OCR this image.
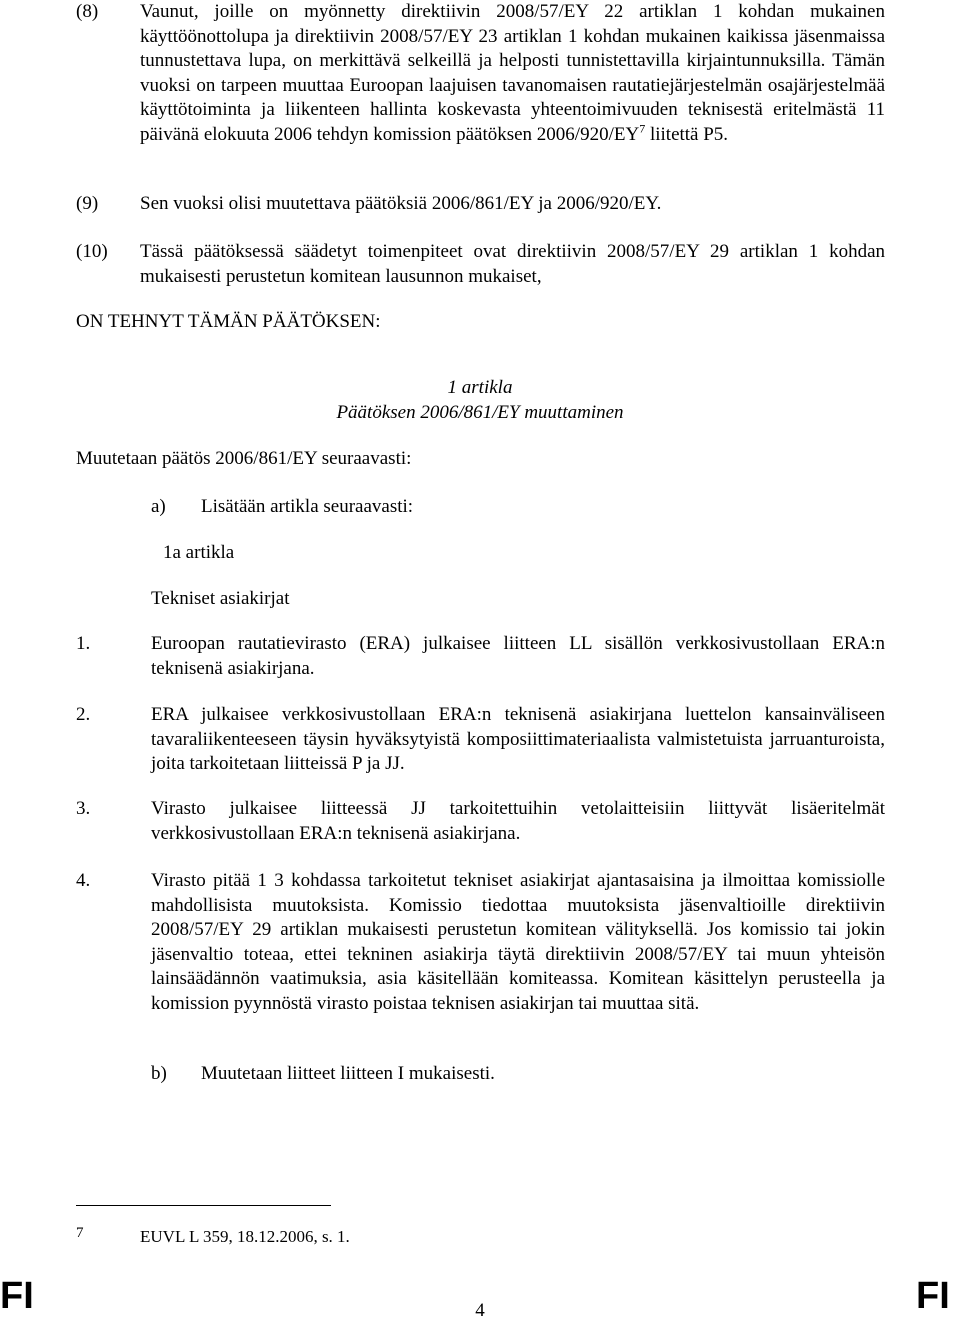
(8) Vaunut, joille on myönnetty direktiivin 2008/57/EY 22 artiklan 1 kohdan mukainen käyttöönottolupa ja direktiivin 2008/57/EY 23 artiklan 1 kohdan mukainen kaikissa jäsenmaissa tunnustettava lupa, on merkittävä selkeillä ja helposti tunnistettavilla kirjaintunnuksilla. Tämän vuoksi on tarpeen muuttaa Euroopan laajuisen tavanomaisen rautatiejärjestelmän osajärjestelmää käyttötoiminta ja liikenteen hallinta koskevasta yhteentoimivuuden teknisestä eritelmästä 11 päivänä elokuuta 2006 tehdyn komission päätöksen $2006/920/EY^7$ liitettä P5.
(9) Sen vuoksi olisi muutettava päätöksiä 2006/861/EY ja 2006/920/EY.
(10) Tässä päätöksessä säädetyt toimenpiteet ovat direktiivin 2008/57/EY 29 artiklan 1 kohdan mukaisesti perustetun komitean lausunnon mukaiset,
ON TEHNYT TÄMÄN PÄÄTÖKSEN:
1 artikla
Päätöksen 2006/861/EY muuttaminen
Muutetaan päätös 2006/861/EY seuraavasti:
a) Lisätään artikla seuraavasti:
1a artikla
Tekniset asiakirjat
1.	Euroopan rautatievirasto (ERA) julkaisee liitteen LL sisällön verkkosivustollaan ERA:n teknisenä asiakirjana.
2.	ERA julkaisee verkkosivustollaan ERA:n teknisenä asiakirjana luettelon kansainväliseen tavaraliikenteeseen täysin hyväksytyistä komposiittimateriaalista valmistetuista jarruanturoista, joita tarkoitetaan liitteissä P ja JJ.
3.	Virasto julkaisee liitteessä JJ tarkoitettuihin vetolaitteisiin liittyvät lisäeritelmät verkkosivustollaan ERA:n teknisenä asiakirjana.
4.	Virasto pitää 1 3 kohdassa tarkoitetut tekniset asiakirjat ajantasaisina ja ilmoittaa komissiolle mahdollisista muutoksista. Komissio tiedottaa muutoksista jäsenvaltioille direktiivin 2008/57/EY 29 artiklan mukaisesti perustetun komitean välityksellä. Jos komissio tai jokin jäsenvaltio toteaa, ettei tekninen asiakirja täytä direktiivin 2008/57/EY tai muun yhteisön lainsäädännön vaatimuksia, asia käsitellään komiteassa. Komitean käsittelyn perusteella ja komission pyynnöstä virasto poistaa teknisen asiakirjan tai muuttaa sitä.
b) Muutetaan liitteet liitteen I mukaisesti.
7	EUVL L 359, 18.12.2006, s. 1.
FI	4	FI
